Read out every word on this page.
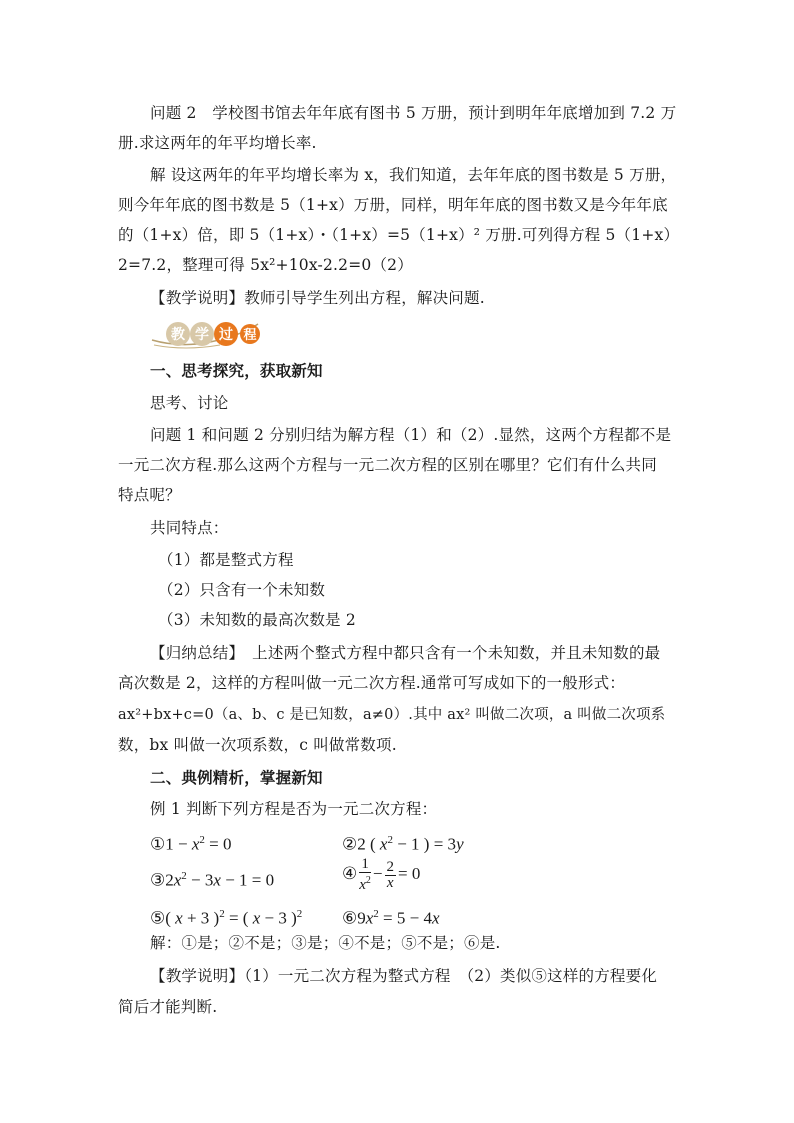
问题 2　学校图书馆去年年底有图书 5 万册，预计到明年年底增加到 7.2 万
册.求这两年的年平均增长率.
解 设这两年的年平均增长率为 x，我们知道，去年年底的图书数是 5 万册，
则今年年底的图书数是 5（1+x）万册，同样，明年年底的图书数又是今年年底
的（1+x）倍，即 5（1+x）・（1+x）=5（1+x）² 万册.可列得方程 5（1+x）
2=7.2，整理可得 5x²+10x-2.2=0（2）
【教学说明】教师引导学生列出方程，解决问题.
教 学 过 程
一、思考探究，获取新知
思考、讨论
问题 1 和问题 2 分别归结为解方程（1）和（2）.显然，这两个方程都不是
一元二次方程.那么这两个方程与一元二次方程的区别在哪里？它们有什么共同
特点呢？
共同特点：
（1）都是整式方程
（2）只含有一个未知数
（3）未知数的最高次数是 2
【归纳总结】　上述两个整式方程中都只含有一个未知数，并且未知数的最
高次数是 2，这样的方程叫做一元二次方程.通常可写成如下的一般形式：
ax²+bx+c=0（a、b、c 是已知数，a≠0）.其中 ax² 叫做二次项，a 叫做二次项系
数，bx 叫做一次项系数，c 叫做常数项.
二、典例精析，掌握新知
例 1 判断下列方程是否为一元二次方程：
①1 − $x^2 = 0$	②2 ( $x^2 - 1$ ) = 3y
$③2x^2 - 3x - 1 = 0$	④ $\frac{1}{x^2} - \frac{2}{x} = 0$
⑤( x + 3 )$^2$ = ( x − 3 )$^2$ $⑥9x^2 = 5 - 4x$
解：①是；②不是；③是；④不是；⑤不是；⑥是.
【教学说明】（1）一元二次方程为整式方程　（2）类似⑤这样的方程要化
简后才能判断.
